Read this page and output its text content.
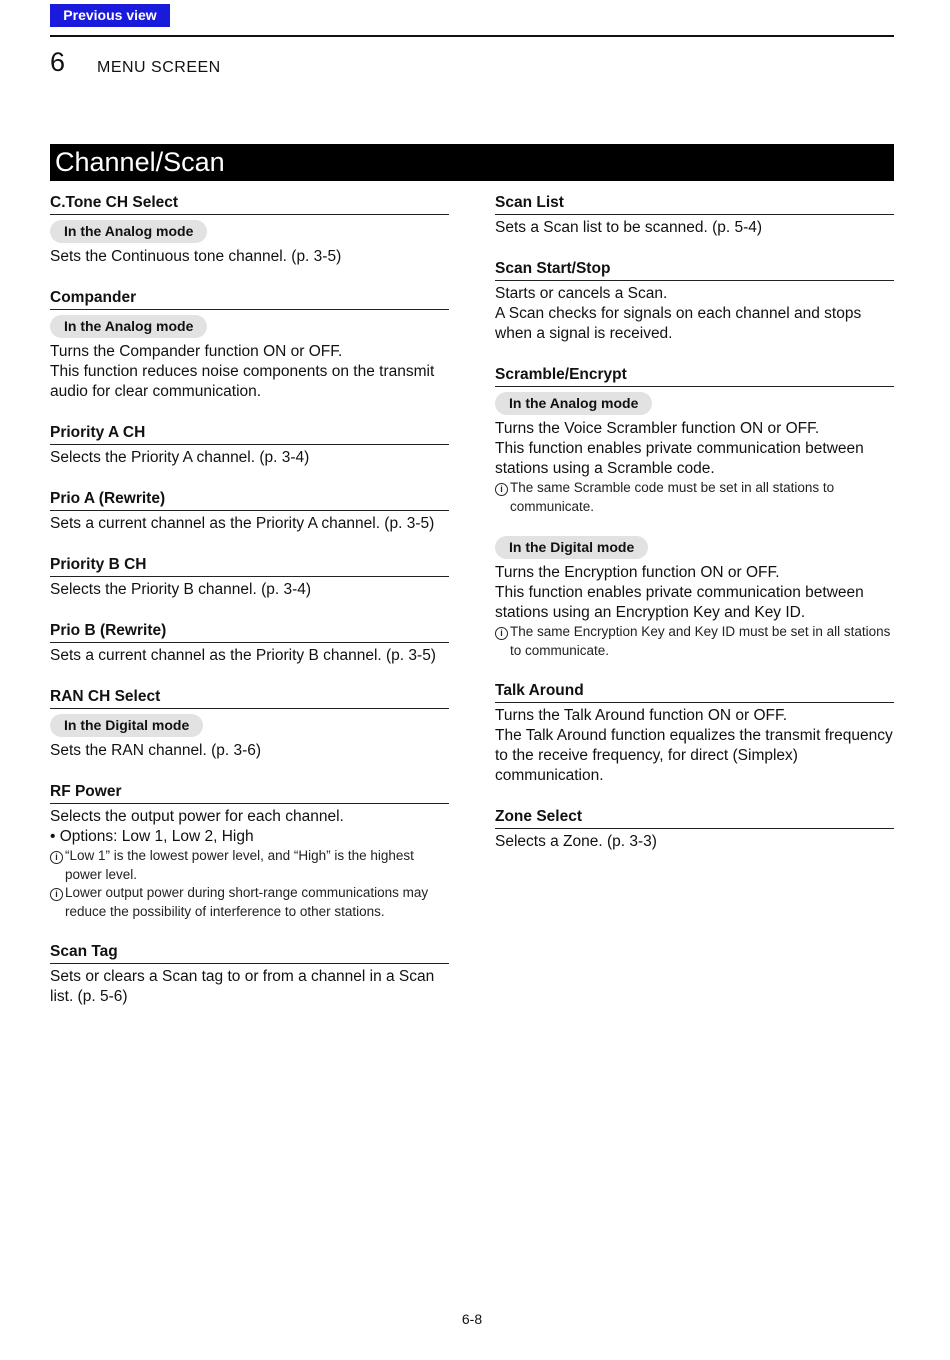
Previous view
6 MENU SCREEN
Channel/Scan
C.Tone CH Select
In the Analog mode

Sets the Continuous tone channel. (p. 3-5)

Compander
In the Analog mode

Turns the Compander function ON or OFF.

This function reduces noise components on the transmit audio for clear communication.

Priority A CH

Selects the Priority A channel. (p. 3-4)

Prio A (Rewrite)

Sets a current channel as the Priority A channel. (p. 3-5)

Priority B CH

Selects the Priority B channel. (p. 3-4)

Prio B (Rewrite)

Sets a current channel as the Priority B channel. (p. 3-5)

RAN CH Select
In the Digital mode

Sets the RAN channel. (p. 3-6)

RF Power

Selects the output power for each channel.

• Options: Low 1, Low 2, High

i “Low 1” is the lowest power level, and “High” is the highest power level.

i Lower output power during short-range communications may reduce the possibility of interference to other stations.

Scan Tag

Sets or clears a Scan tag to or from a channel in a Scan list. (p. 5-6)

Scan List

Sets a Scan list to be scanned. (p. 5-4)

Scan Start/Stop

Starts or cancels a Scan.

A Scan checks for signals on each channel and stops when a signal is received.

Scramble/Encrypt
In the Analog mode

Turns the Voice Scrambler function ON or OFF.

This function enables private communication between stations using a Scramble code.

i The same Scramble code must be set in all stations to communicate.

In the Digital mode

Turns the Encryption function ON or OFF.

This function enables private communication between stations using an Encryption Key and Key ID.

i The same Encryption Key and Key ID must be set in all stations to communicate.

Talk Around

Turns the Talk Around function ON or OFF.

The Talk Around function equalizes the transmit frequency to the receive frequency, for direct (Simplex) communication.

Zone Select

Selects a Zone. (p. 3-3)

6-8
